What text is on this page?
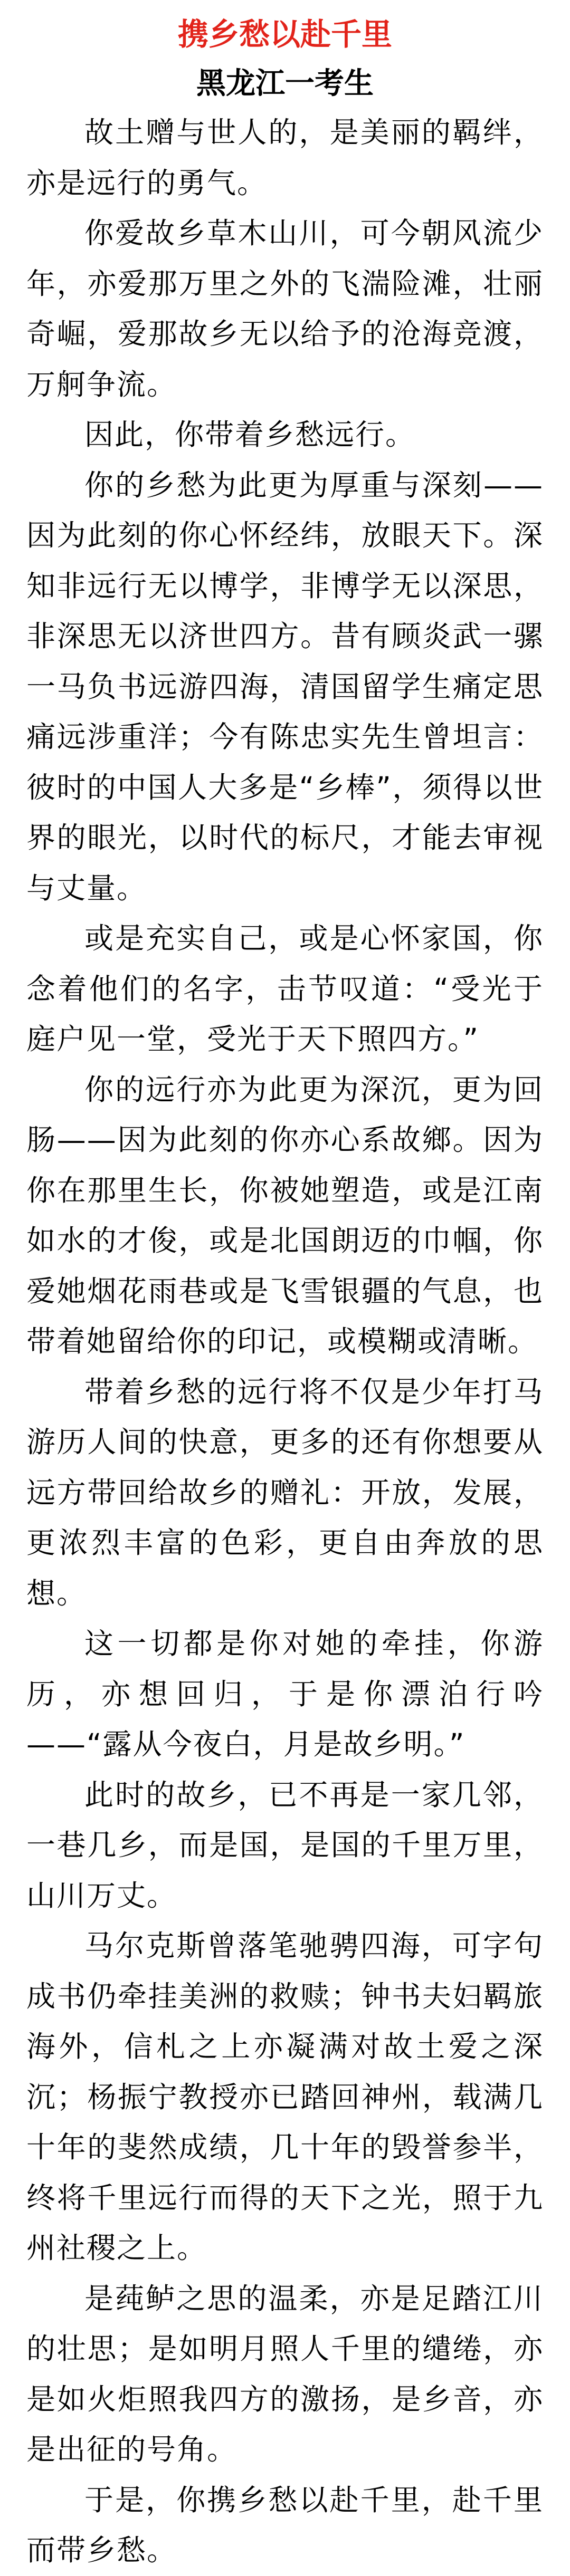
携乡愁以赴千里
黑龙江一考生

故土赠与世人的，是美丽的羁绊，亦是远行的勇气。

你爱故乡草木山川，可今朝风流少年，亦爱那万里之外的飞湍险滩，壮丽奇崛，爱那故乡无以给予的沧海竞渡，万舸争流。

因此，你带着乡愁远行。

你的乡愁为此更为厚重与深刻——因为此刻的你心怀经纬，放眼天下。深知非远行无以博学，非博学无以深思，非深思无以济世四方。昔有顾炎武一骡一马负书远游四海，清国留学生痛定思痛远涉重洋；今有陈忠实先生曾坦言：彼时的中国人大多是“乡棒”，须得以世界的眼光，以时代的标尺，才能去审视与丈量。

或是充实自己，或是心怀家国，你念着他们的名字，击节叹道：“受光于庭户见一堂，受光于天下照四方。”

你的远行亦为此更为深沉，更为回肠——因为此刻的你亦心系故鄉。因为你在那里生长，你被她塑造，或是江南如水的才俊，或是北国朗迈的巾帼，你爱她烟花雨巷或是飞雪银疆的气息，也带着她留给你的印记，或模糊或清晰。

带着乡愁的远行将不仅是少年打马游历人间的快意，更多的还有你想要从远方带回给故乡的赠礼：开放，发展，更浓烈丰富的色彩，更自由奔放的思想。

这一切都是你对她的牵挂，你游历，亦想回归，于是你漂泊行吟——“露从今夜白，月是故乡明。”

此时的故乡，已不再是一家几邻，一巷几乡，而是国，是国的千里万里，山川万丈。

马尔克斯曾落笔驰骋四海，可字句成书仍牵挂美洲的救赎；钟书夫妇羁旅海外，信札之上亦凝满对故土爱之深沉；杨振宁教授亦已踏回神州，载满几十年的斐然成绩，几十年的毁誉参半，终将千里远行而得的天下之光，照于九州社稷之上。

是莼鲈之思的温柔，亦是足踏江川的壮思；是如明月照人千里的缱绻，亦是如火炬照我四方的激扬，是乡音，亦是出征的号角。

于是，你携乡愁以赴千里，赴千里而带乡愁。
